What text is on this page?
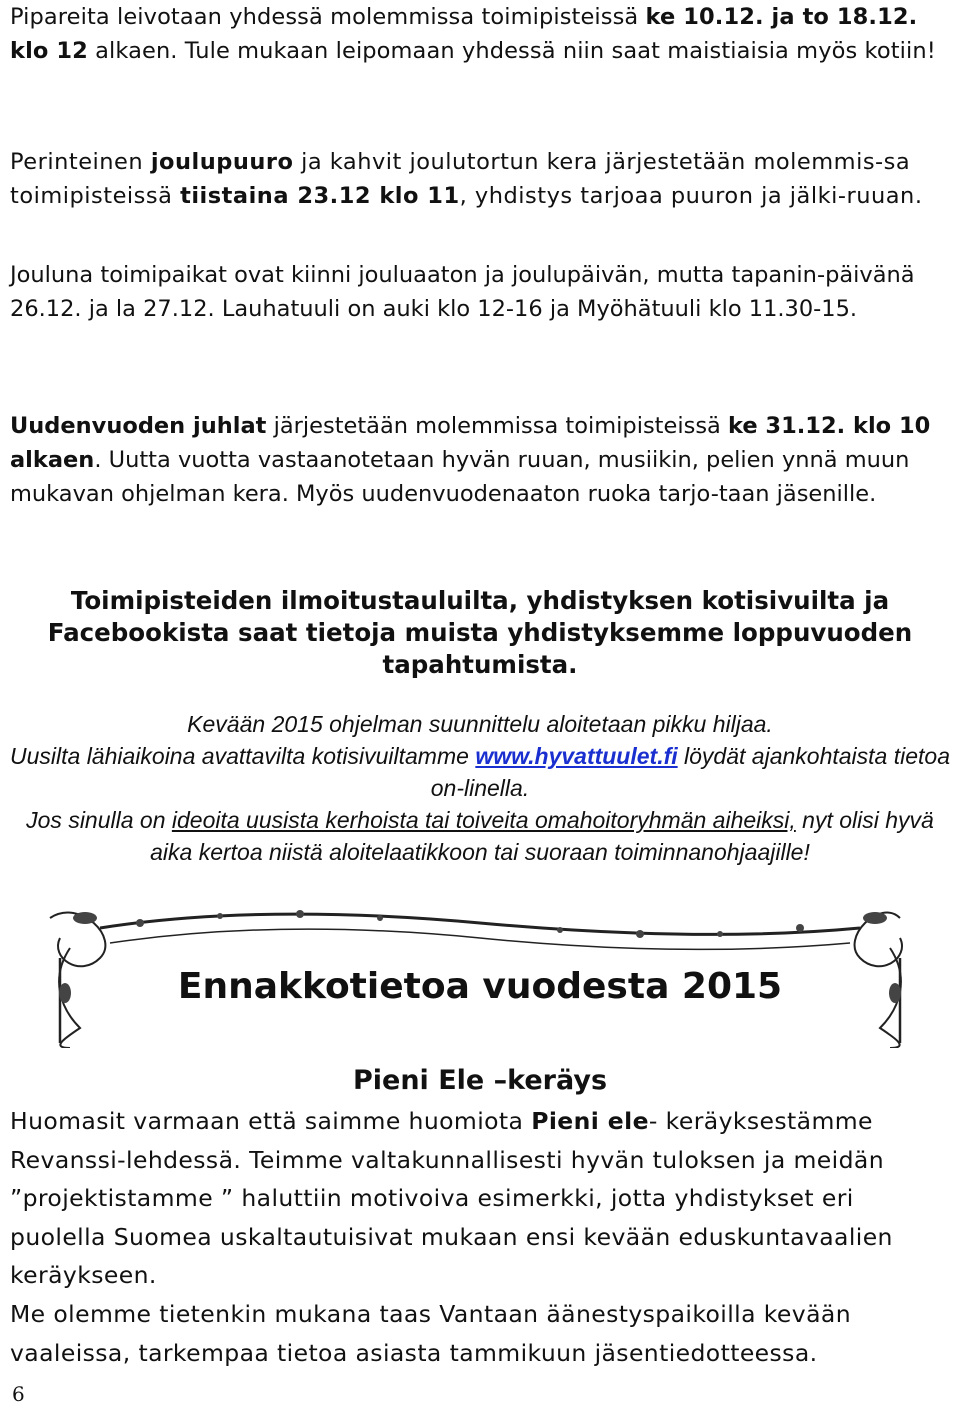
Pipareita leivotaan yhdessä molemmissa toimipisteissä ke 10.12. ja to 18.12. klo 12 alkaen. Tule mukaan leipomaan yhdessä niin saat maistiaisia myös kotiin!

Perinteinen joulupuuro ja kahvit joulutortun kera järjestetään molemmis-sa toimipisteissä tiistaina 23.12 klo 11, yhdistys tarjoaa puuron ja jälki-ruuan.

Jouluna toimipaikat ovat kiinni jouluaaton ja joulupäivän, mutta tapanin-päivänä 26.12. ja la 27.12. Lauhatuuli on auki klo 12-16 ja Myöhätuuli klo 11.30-15.

Uudenvuoden juhlat järjestetään molemmissa toimipisteissä ke 31.12. klo 10 alkaen. Uutta vuotta vastaanotetaan hyvän ruuan, musiikin, pelien ynnä muun mukavan ohjelman kera. Myös uudenvuodenaaton ruoka tarjo-taan jäsenille.

Toimipisteiden ilmoitustauluilta, yhdistyksen kotisivuilta ja Facebookista saat tietoja muista yhdistyksemme loppuvuoden tapahtumista.

Kevään 2015 ohjelman suunnittelu aloitetaan pikku hiljaa.
Uusilta lähiaikoina avattavilta kotisivuiltamme www.hyvattuulet.fi löydät ajankohtaista tietoa on-linella.
Jos sinulla on ideoita uusista kerhoista tai toiveita omahoitoryhmän aiheiksi, nyt olisi hyvä aika kertoa niistä aloitelaatikkoon tai suoraan toiminnanohjaajille!
Ennakkotietoa vuodesta 2015
Pieni Ele –keräys

Huomasit varmaan että saimme huomiota Pieni ele- keräyksestämme Revanssi-lehdessä. Teimme valtakunnallisesti hyvän tuloksen ja meidän ”projektistamme ” haluttiin motivoiva esimerkki, jotta yhdistykset eri puolella Suomea uskaltautuisivat mukaan ensi kevään eduskuntavaalien keräykseen.

Me olemme tietenkin mukana taas Vantaan äänestyspaikoilla kevään vaaleissa, tarkempaa tietoa asiasta tammikuun jäsentiedotteessa.

6
